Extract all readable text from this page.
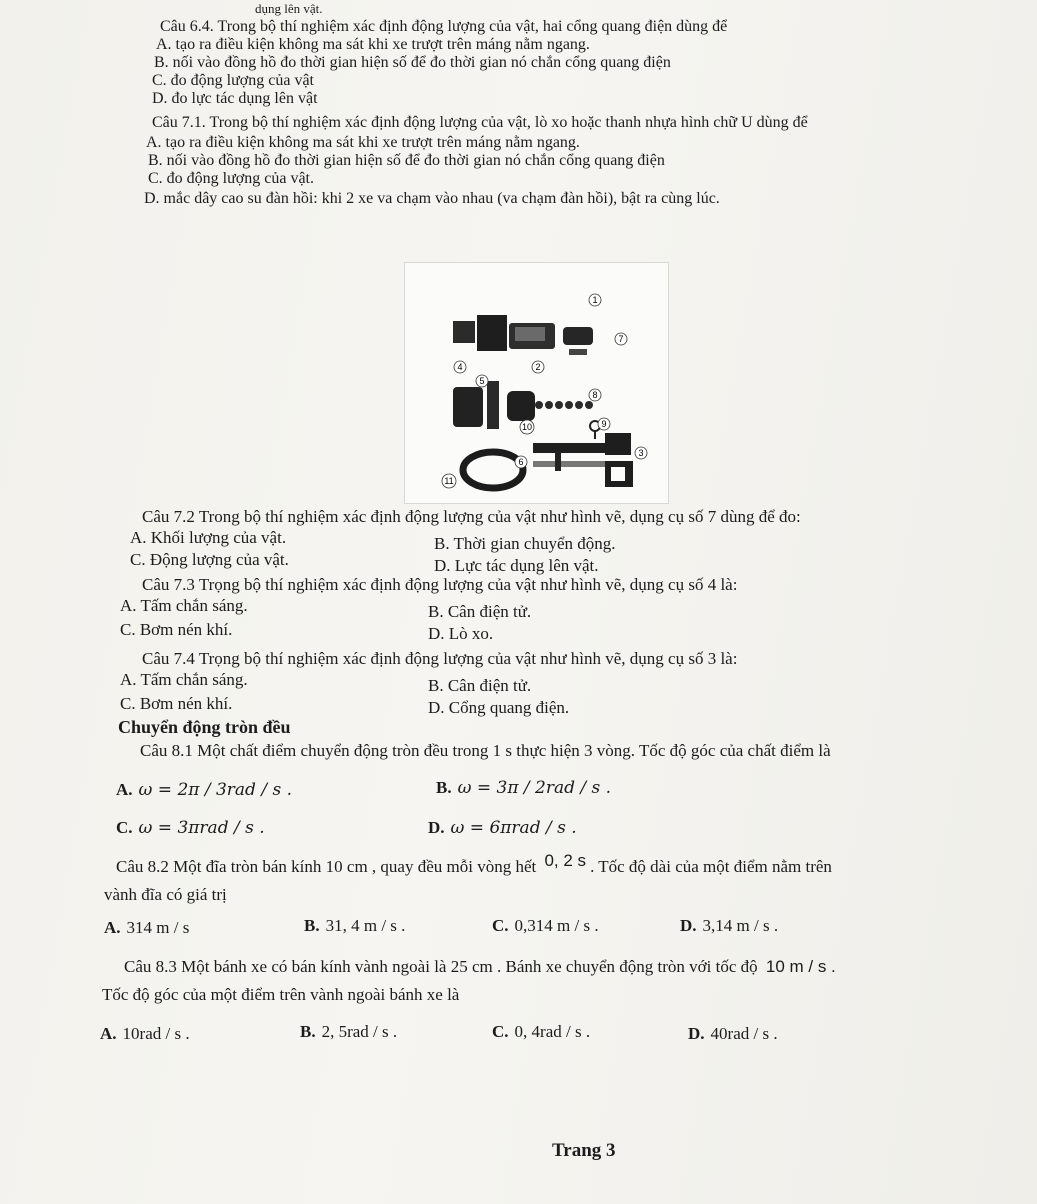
dụng lên vật.
Câu 6.4. Trong bộ thí nghiệm xác định động lượng của vật, hai cổng quang điện dùng để
A. tạo ra điều kiện không ma sát khi xe trượt trên máng nằm ngang.
B. nối vào đồng hồ đo thời gian hiện số để đo thời gian nó chắn cổng quang điện
C. đo động lượng của vật
D. đo lực tác dụng lên vật
Câu 7.1. Trong bộ thí nghiệm xác định động lượng của vật, lò xo hoặc thanh nhựa hình chữ U dùng để
A. tạo ra điều kiện không ma sát khi xe trượt trên máng nằm ngang.
B. nối vào đồng hồ đo thời gian hiện số để đo thời gian nó chắn cổng quang điện
C. đo động lượng của vật.
D. mắc dây cao su đàn hồi: khi 2 xe va chạm vào nhau (va chạm đàn hồi), bật ra cùng lúc.
1
7
4	2
5
8
10	9
3
6
11
Câu 7.2 Trong bộ thí nghiệm xác định động lượng của vật như hình vẽ, dụng cụ số 7 dùng để đo:
A. Khối lượng của vật.	B. Thời gian chuyển động.
C. Động lượng của vật.	D. Lực tác dụng lên vật.
Câu 7.3 Trọng bộ thí nghiệm xác định động lượng của vật như hình vẽ, dụng cụ số 4 là:
A. Tấm chắn sáng.	B. Cân điện tử.
C. Bơm nén khí.	D. Lò xo.
Câu 7.4 Trọng bộ thí nghiệm xác định động lượng của vật như hình vẽ, dụng cụ số 3 là:
A. Tấm chắn sáng.	B. Cân điện tử.
C. Bơm nén khí.	D. Cổng quang điện.
Chuyển động tròn đều
Câu 8.1 Một chất điểm chuyển động tròn đều trong 1 s thực hiện 3 vòng. Tốc độ góc của chất điểm là
A. ω = 2π / 3rad / s .	B. ω = 3π / 2rad / s .
C. ω = 3πrad / s .	D. ω = 6πrad / s .
Câu 8.2 Một đĩa tròn bán kính 10 cm , quay đều mỗi vòng hết 0, 2 s . Tốc độ dài của một điểm nằm trên
vành đĩa có giá trị
A. 314 m / s	B. 31, 4 m / s .	C. 0,314 m / s .	D. 3,14 m / s .
Câu 8.3 Một bánh xe có bán kính vành ngoài là 25 cm . Bánh xe chuyển động tròn với tốc độ 10 m / s .
Tốc độ góc của một điểm trên vành ngoài bánh xe là
A. 10rad / s .	B. 2, 5rad / s .	C. 0, 4rad / s .	D. 40rad / s .
Trang 3
